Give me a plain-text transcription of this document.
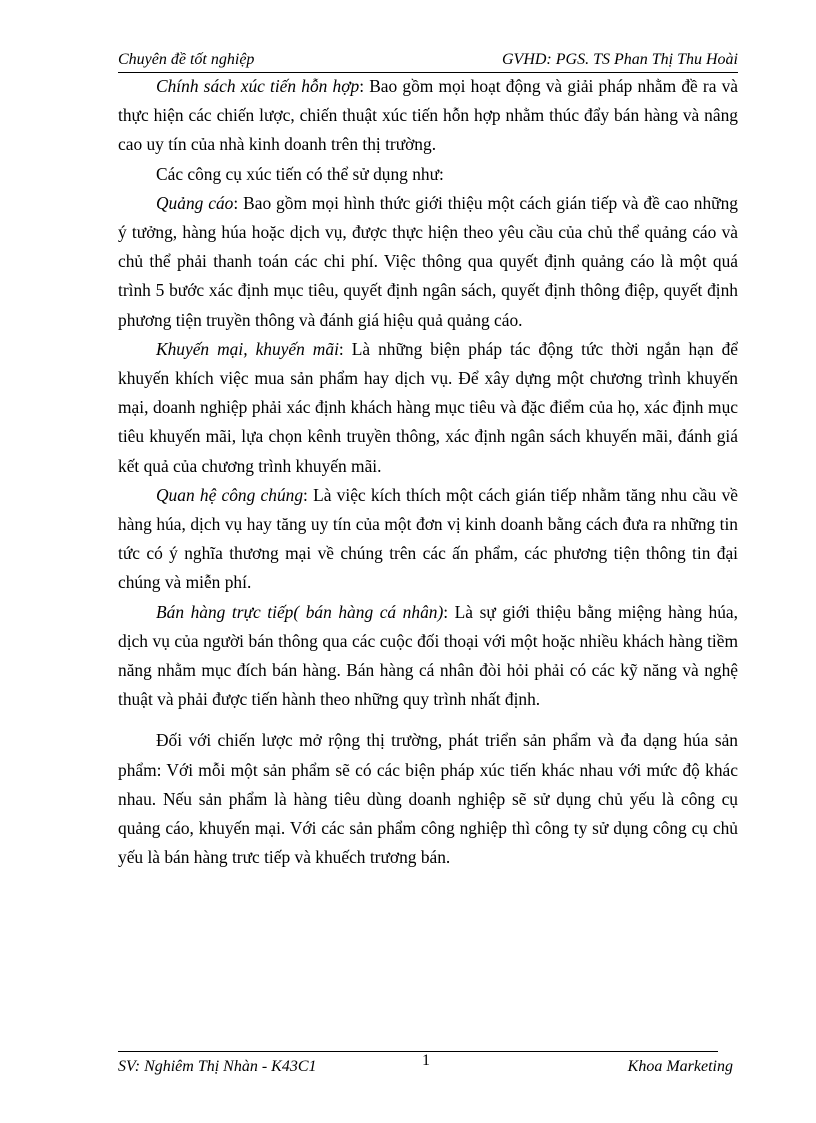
Chuyên đề tốt nghiệp	GVHD: PGS. TS Phan Thị Thu Hoài

Chính sách xúc tiến hỗn hợp: Bao gồm mọi hoạt động và giải pháp nhằm đề ra và thực hiện các chiến lược, chiến thuật xúc tiến hỗn hợp nhằm thúc đẩy bán hàng và nâng cao uy tín của nhà kinh doanh trên thị trường.

Các công cụ xúc tiến có thể sử dụng như:

Quảng cáo: Bao gồm mọi hình thức giới thiệu một cách gián tiếp và đề cao những ý tưởng, hàng húa hoặc dịch vụ, được thực hiện theo yêu cầu của chủ thể quảng cáo và chủ thể phải thanh toán các chi phí. Việc thông qua quyết định quảng cáo là một quá trình 5 bước xác định mục tiêu, quyết định ngân sách, quyết định thông điệp, quyết định phương tiện truyền thông và đánh giá hiệu quả quảng cáo.

Khuyến mại, khuyến mãi: Là những biện pháp tác động tức thời ngắn hạn để khuyến khích việc mua sản phẩm hay dịch vụ. Để xây dựng một chương trình khuyến mại, doanh nghiệp phải xác định khách hàng mục tiêu và đặc điểm của họ, xác định mục tiêu khuyến mãi, lựa chọn kênh truyền thông, xác định ngân sách khuyến mãi, đánh giá kết quả của chương trình khuyến mãi.

Quan hệ công chúng: Là việc kích thích một cách gián tiếp nhằm tăng nhu cầu về hàng húa, dịch vụ hay tăng uy tín của một đơn vị kinh doanh bằng cách đưa ra những tin tức có ý nghĩa thương mại về chúng trên các ấn phẩm, các phương tiện thông tin đại chúng và miễn phí.

Bán hàng trực tiếp( bán hàng cá nhân): Là sự giới thiệu bằng miệng hàng húa, dịch vụ của người bán thông qua các cuộc đối thoại với một hoặc nhiều khách hàng tiềm năng nhằm mục đích bán hàng. Bán hàng cá nhân đòi hỏi phải có các kỹ năng và nghệ thuật và phải được tiến hành theo những quy trình nhất định.

Đối với chiến lược mở rộng thị trường, phát triển sản phẩm và đa dạng húa sản phẩm: Với mỗi một sản phẩm sẽ có các biện pháp xúc tiến khác nhau với mức độ khác nhau. Nếu sản phẩm là hàng tiêu dùng doanh nghiệp sẽ sử dụng chủ yếu là công cụ quảng cáo, khuyến mại. Với các sản phẩm công nghiệp thì công ty sử dụng công cụ chủ yếu là bán hàng trưc tiếp và khuếch trương bán.

SV: Nghiêm Thị Nhàn - K43C1	1	Khoa Marketing
